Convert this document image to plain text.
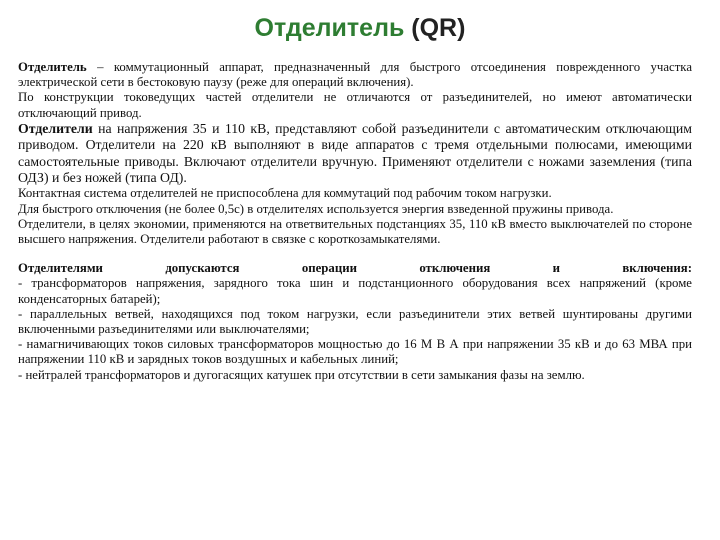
Отделитель (QR)

Отделитель – коммутационный аппарат, предназначенный для быстрого отсоединения поврежденного участка электрической сети в бестоковую паузу (реже для операций включения).

По конструкции токоведущих частей отделители не отличаются от разъединителей, но имеют автоматически отключающий привод.

Отделители на напряжения 35 и 110 кВ, представляют собой разъединители с автоматическим отключающим приводом. Отделители на 220 кВ выполняют в виде аппаратов с тремя отдельными полюсами, имеющими самостоятельные приводы. Включают отделители вручную. Применяют отделители с ножами заземления (типа ОДЗ) и без ножей (типа ОД).

Контактная система отделителей не приспособлена для коммутаций под рабочим током нагрузки.

Для быстрого отключения (не более 0,5с) в отделителях используется энергия взведенной пружины привода.

Отделители, в целях экономии, применяются на ответвительных подстанциях 35, 110 кВ вместо выключателей по стороне высшего напряжения. Отделители работают в связке с короткозамыкателями.

Отделителями	допускаются	операции	отключения	и	включения:

- трансформаторов напряжения, зарядного тока шин и подстанционного оборудования всех напряжений (кроме конденсаторных батарей);

- параллельных ветвей, находящихся под током нагрузки, если разъединители этих ветвей шунтированы другими включенными разъединителями или выключателями;

- намагничивающих токов силовых трансформаторов мощностью до 16 М В А при напряжении 35 кВ и до 63 МВА при напряжении 110 кВ и зарядных токов воздушных и кабельных линий;

- нейтралей трансформаторов и дугогасящих катушек при отсутствии в сети замыкания фазы на землю.
